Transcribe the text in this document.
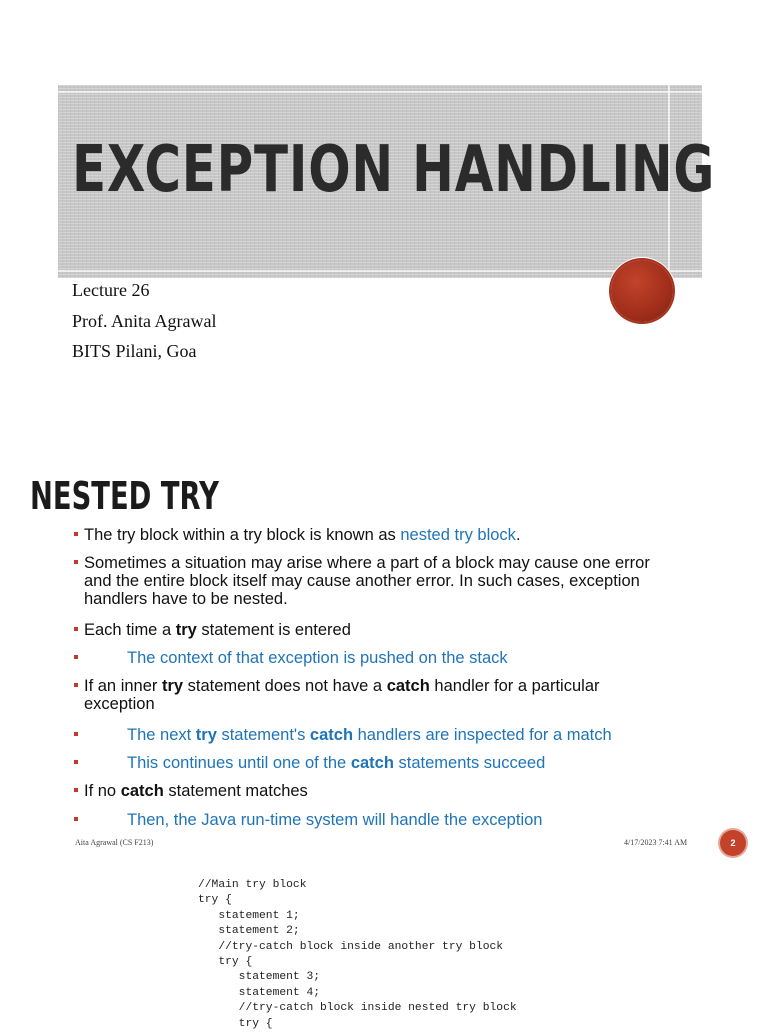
EXCEPTION HANDLING
Lecture 26
Prof. Anita Agrawal
BITS Pilani, Goa
NESTED TRY
The try block within a try block is known as nested try block.
Sometimes a situation may arise where a part of a block may cause one error and the entire block itself may cause another error. In such cases, exception handlers have to be nested.
Each time a try statement is entered
The context of that exception is pushed on the stack
If an inner try statement does not have a catch handler for a particular exception
The next try statement's catch handlers are inspected for a match
This continues until one of the catch statements succeed
If no catch statement matches
Then, the Java run-time system will handle the exception
Aita Agrawal (CS F213)	4/17/2023 7:41 AM	2
//Main try block
try {
statement 1;
statement 2;
//try-catch block inside another try block
try {
statement 3;
statement 4;
//try-catch block inside nested try block
try {
